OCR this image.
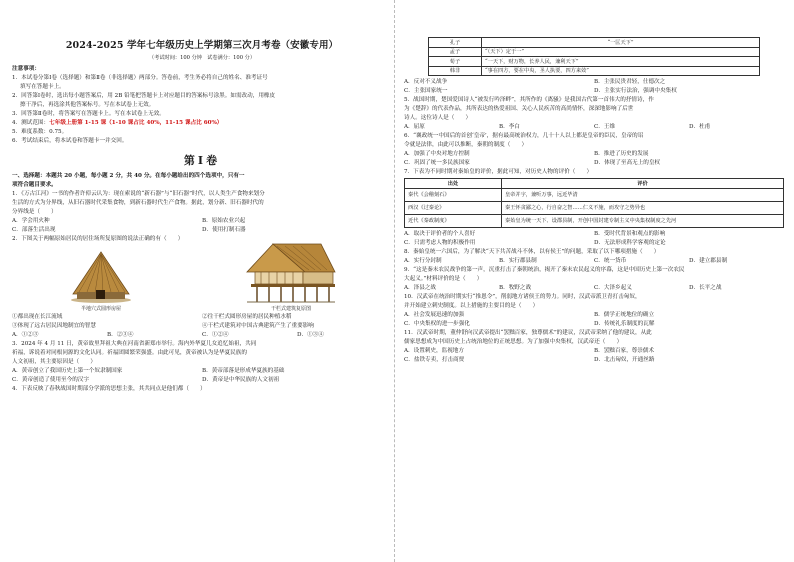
2024-2025 学年七年级历史上学期第三次月考卷（安徽专用）
（考试时间：100 分钟　试卷满分：100 分）
注意事项：
1．本试卷分第Ⅰ卷（选择题）和第Ⅱ卷（非选择题）两部分。答卷前，考生务必将自己的姓名、准考证号
填写在答题卡上。
2．回答第Ⅰ卷时，选出每小题答案后，用 2B 铅笔把答题卡上对应题目的答案标号涂黑。如需改动，用橡皮
擦干净后，再选涂其他答案标号。写在本试卷上无效。
3．回答第Ⅱ卷时，将答案写在答题卡上。写在本试卷上无效。
4．测试范围：七年级上册第 1-15 课（1-10 课占比 40%，11-15 课占比 60%）
5．难度系数：0.75。
6．考试结束后，将本试卷和答题卡一并交回。
第Ⅰ卷
一、选择题：本题共 20 小题，每小题 2 分，共 40 分。在每小题给出的四个选项中，只有一
项符合题目要求。
1．《万古江河》一书的作者许倬云认为：现在索说的“新石器”与“旧石器”时代，以人类生产食物来划分
生活的方式为分界线，从旧石器时代采集食物，到新石器时代生产食物。据此，划分新、旧石器时代的
分界线是（　　）
A．学会用火种	B．原始农业兴起
C．部落生活出现	D．使用打制石器
2．下图关于两幅原始居民的居住场所复原图的说法正确的有（　　）
半地穴式圆形房屋	干栏式建筑复原图
①都出现在长江流域	②往干栏式圆形房屋的居民种植水稻
③体现了远古居民因地制宜的智慧	④干栏式建筑对中国古典建筑产生了重要影响
A．①②③	B．②③④	C．①②④	D．①③④
3．2024 年 4 月 11 日，黄帝故里拜祖大典在河南省新郑市举行。海内外华夏儿女追忆始祖，共同
祈福，诉说着对同根同源的文化认同。祈福团圆繁荣强盛。由此可见，黄帝被认为是华夏民族的
人文初祖，其主要原因是（　　）
A．黄帝创立了我国历史上第一个奴隶制国家	B．黄帝部落是形成华夏族的基础
C．黄帝创造了使用至今的汉字	D．黄帝是中华民族的人文初祖
4．下表反映了春秋战国时期部分学派的思想主张，其共同点是他们都（　　）
孔子	“一匡天下”
孟子	“（天下）定于一”
荀子	“一天下，财万物，长养人民，兼利天下”
韩非	“事在四方，要在中央，圣人执要，四方来效”
A．反对不义战争	B．主张民贵君轻，仕德次之
C．主张国家统一	D．主张实行法治，强调中央集权
5．战国时期，楚国爱国诗人“被发行吟泽畔”，其所作的《离骚》是我国古代第一首伟大的抒情诗，作
为《楚辞》的代表作品，其所表达的热爱祖国、关心人民疾苦的高尚情怀，深深地影响了后世
诗人。这位诗人是（　　）
A．屈原	B．李白	C．王维	D．杜甫
6．“襄政统一中国后的首创‘皇帝’，据有最高统治权力，几十十人以上都是皇帝的臣民，皇帝的诏
令就是法律，由此可以推断，秦朝的制度（　　）
A．加强了中央对地方控制	B．推进了历史的发展
C．巩固了统一多民族国家	D．体现了至高无上的皇权
7．下表为不同时期对秦始皇的评价，据此可知，对历史人物的评价（　　）
出处	评价
秦代《会稽刻石》	皇帝并宇，兼听万事，远近毕清
西汉《过秦论》	秦王怀贪鄙之心，行自奋之智……仁义不施，而攻守之势异也
近代《秦政制度》	秦始皇为统一天下、设郡县制，开创中国封建专制主义中央集权制度之先河
A．取决于评价者的个人喜好	B．受时代背景和观点的影响
C．只需考虑人物的积极作用	D．无法形成科学客观的定论
8．秦始皇统一六国后，为了解决“天下共苦战斗不休，以有侯王”的问题，采取了以下哪项措施（　　）
A．实行分封制	B．实行郡县制	C．统一货币	D．建立郡县制
9．“这是秦末农民战争的第一声，沉重打击了秦朝统治，揭开了秦末农民起义的序幕，这是中国历史上第一次农民
大起义。”材料评价的是（　　）
A．泽县之战	B．牧野之战	C．大泽乡起义	D．长平之战
10．汉武帝在统治时期实行“推恩令”，削弱地方诸侯王的势力。同时，汉武帝派卫青打击匈奴，
并开始建立刺史制度。以上措施的主要目的是（　　）
A．社会发展迅速的加强	B．儒学正统地位的确立
C．中央集权的进一步强化	D．传统礼乐制度的瓦解
11．汉武帝时期，董仲舒向汉武帝提出“罢黜百家，独尊儒术”的建议，汉武帝采纳了他的建议，从此
儒家思想成为中国历史上占统治地位的正统思想。为了加强中央集权，汉武帝还（　　）
A．设置刺史，监视地方	B．罢黜百家，尊崇儒术
C．盐铁专卖，打击商贾	D．北击匈奴，开通丝路
